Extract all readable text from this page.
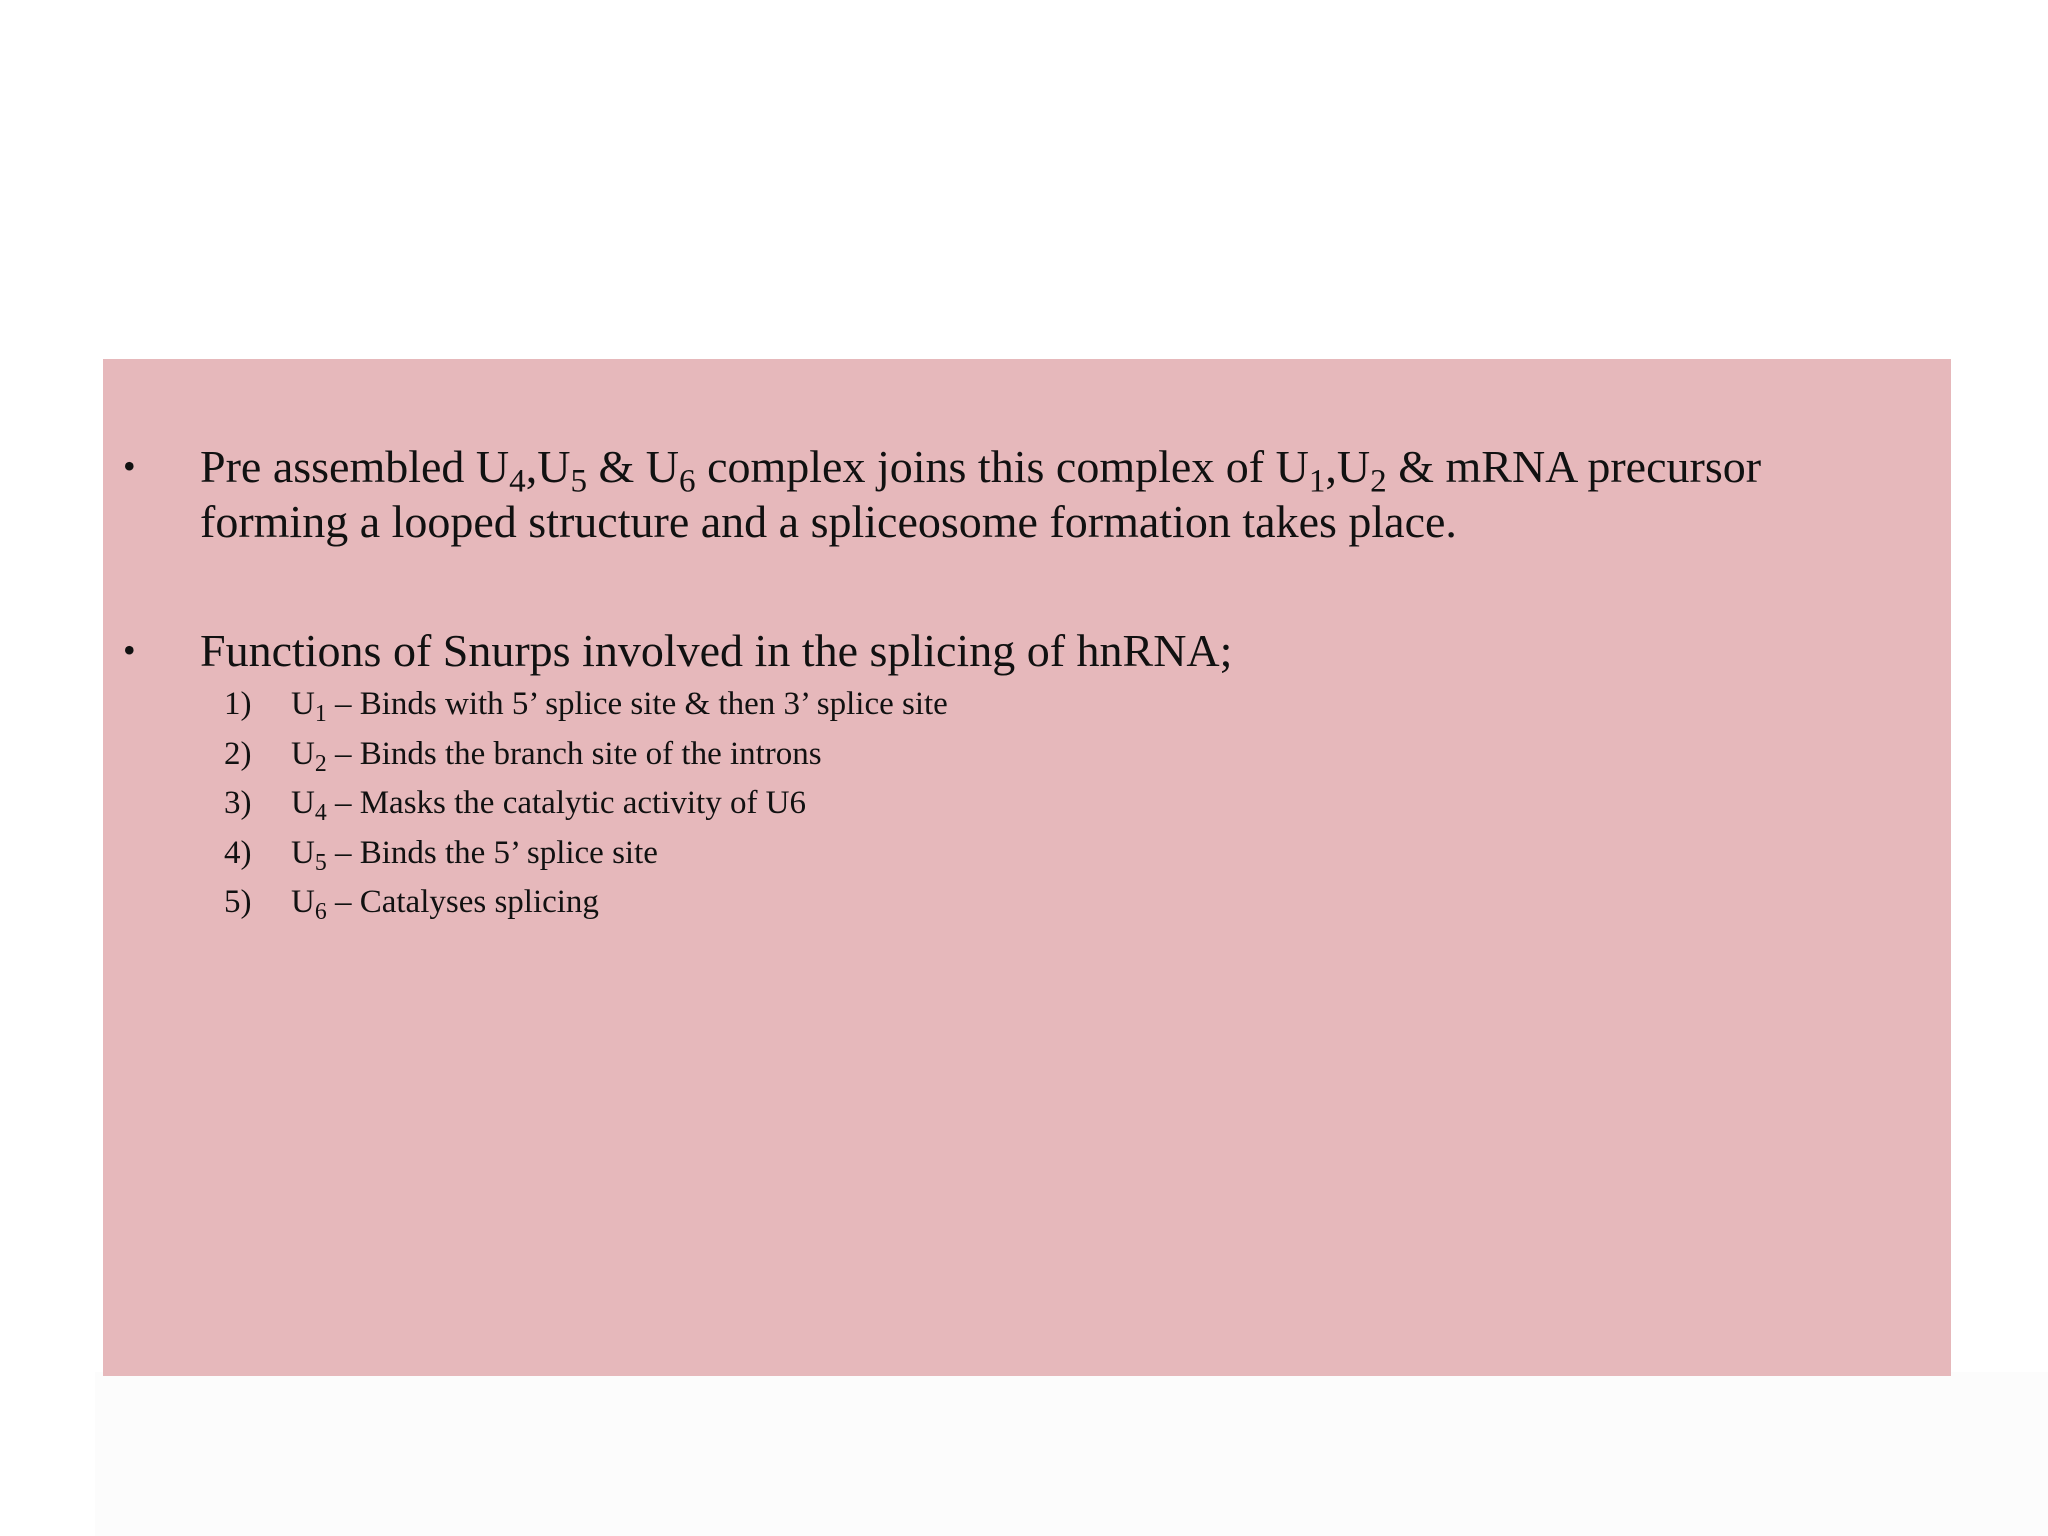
•	Pre assembled $U_4,U_5$ & $U_6$ complex joins this complex of $U_1,U_2$ & mRNA precursor forming a looped structure and a spliceosome formation takes place.
•	Functions of Snurps involved in the splicing of hnRNA;
1) $U_1$ – Binds with 5’ splice site & then 3’ splice site
2) $U_2$ – Binds the branch site of the introns
3) $U_4$ – Masks the catalytic activity of U6
4) $U_5$ – Binds the 5’ splice site
5) $U_6$ – Catalyses splicing
